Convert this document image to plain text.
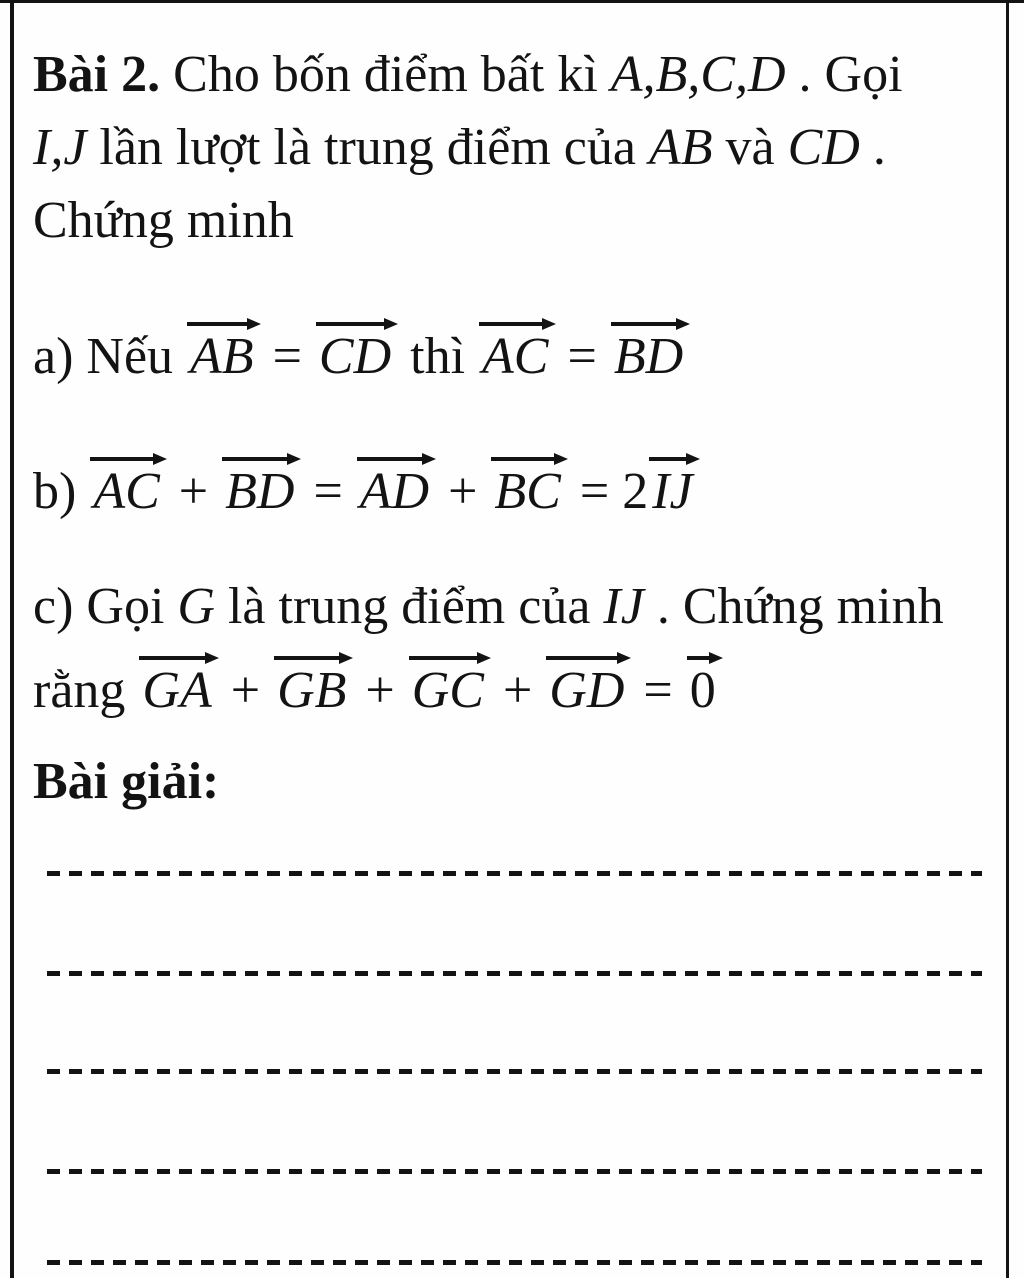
Bài 2. Cho bốn điểm bất kì A,B,C,D . Gọi
I,J lần lượt là trung điểm của AB và CD .
Chứng minh
a) Nếu AB = CD thì AC = BD
b) AC + BD = AD + BC = 2IJ
c) Gọi G là trung điểm của IJ . Chứng minh
rằng GA + GB + GC + GD = 0
Bài giải:
